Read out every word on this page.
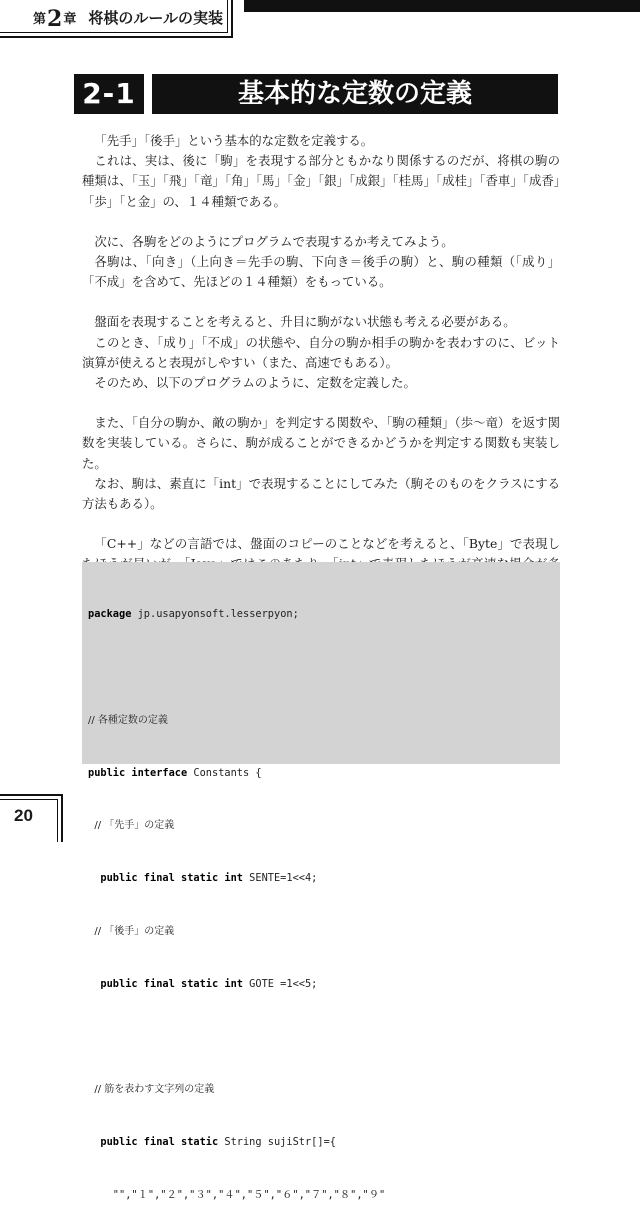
第2章 将棋のルールの実装
2-1	基本的な定数の定義

「先手」「後手」という基本的な定数を定義する。

これは、実は、後に「駒」を表現する部分ともかなり関係するのだが、将棋の駒の種類は、「玉」「飛」「竜」「角」「馬」「金」「銀」「成銀」「桂馬」「成桂」「香車」「成香」「歩」「と金」の、１４種類である。

次に、各駒をどのようにプログラムで表現するか考えてみよう。

各駒は、「向き」（上向き＝先手の駒、下向き＝後手の駒）と、駒の種類（「成り」「不成」を含めて、先ほどの１４種類）をもっている。

盤面を表現することを考えると、升目に駒がない状態も考える必要がある。

このとき、「成り」「不成」の状態や、自分の駒か相手の駒かを表わすのに、ビット演算が使えると表現がしやすい（また、高速でもある）。

そのため、以下のプログラムのように、定数を定義した。

また、「自分の駒か、敵の駒か」を判定する関数や、「駒の種類」（歩～竜）を返す関数を実装している。さらに、駒が成ることができるかどうかを判定する関数も実装した。

なお、駒は、素直に「int」で表現することにしてみた（駒そのものをクラスにする方法もある）。

「C++」などの言語では、盤面のコピーのことなどを考えると、「Byte」で表現し

package jp.usapyonsoft.lesserpyon;

// 各種定数の定義

public interface Constants {

// 「先手」の定義

public final static int SENTE=1<<4;

// 「後手」の定義

public final static int GOTE =1<<5;

// 筋を表わす文字列の定義

public final static String sujiStr[]={

"","１","２","３","４","５","６","７","８","９"

20
